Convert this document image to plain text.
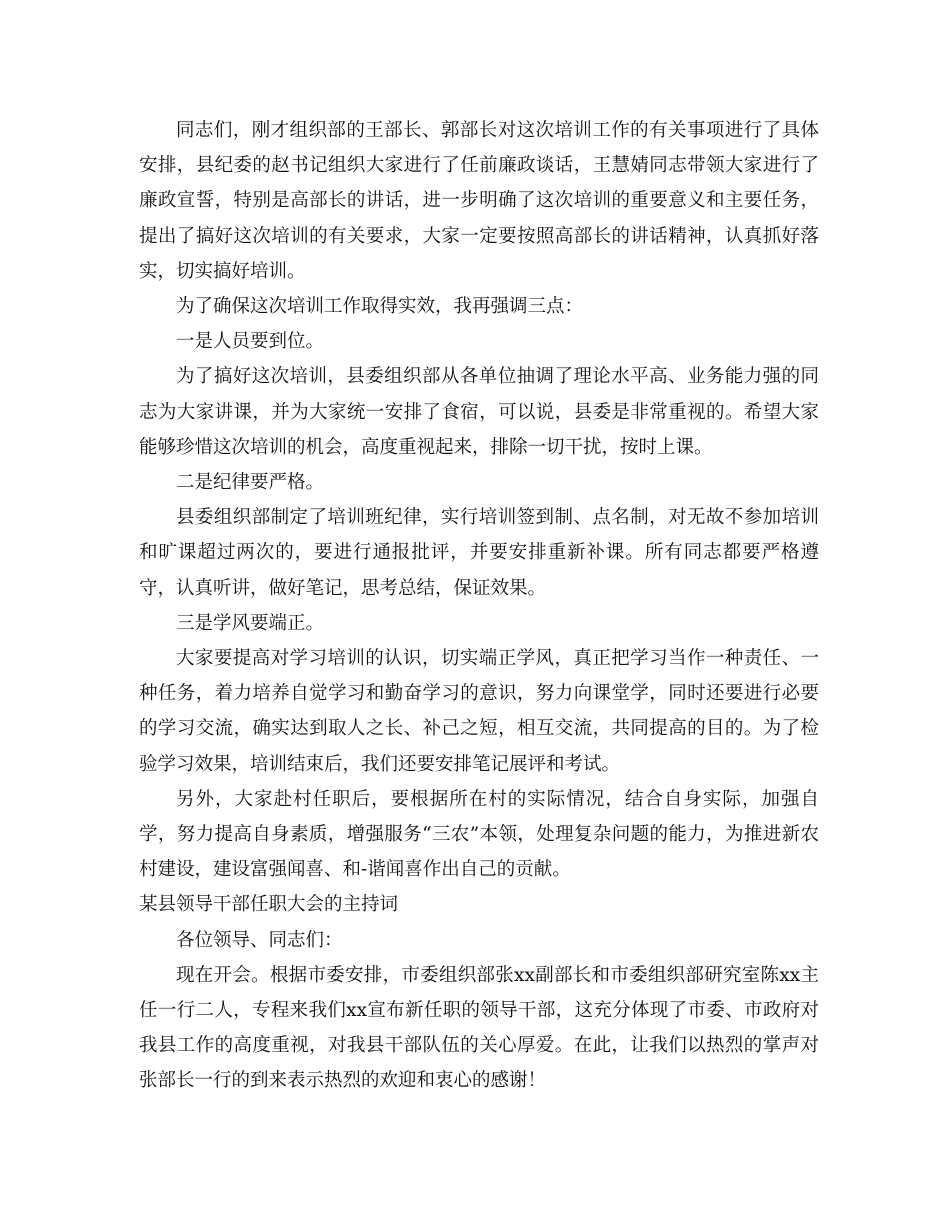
同志们，刚才组织部的王部长、郭部长对这次培训工作的有关事项进行了具体安排，县纪委的赵书记组织大家进行了任前廉政谈话，王慧婧同志带领大家进行了廉政宣誓，特别是高部长的讲话，进一步明确了这次培训的重要意义和主要任务，提出了搞好这次培训的有关要求，大家一定要按照高部长的讲话精神，认真抓好落实，切实搞好培训。

为了确保这次培训工作取得实效，我再强调三点：

一是人员要到位。

为了搞好这次培训，县委组织部从各单位抽调了理论水平高、业务能力强的同志为大家讲课，并为大家统一安排了食宿，可以说，县委是非常重视的。希望大家能够珍惜这次培训的机会，高度重视起来，排除一切干扰，按时上课。

二是纪律要严格。

县委组织部制定了培训班纪律，实行培训签到制、点名制，对无故不参加培训和旷课超过两次的，要进行通报批评，并要安排重新补课。所有同志都要严格遵守，认真听讲，做好笔记，思考总结，保证效果。

三是学风要端正。

大家要提高对学习培训的认识，切实端正学风，真正把学习当作一种责任、一种任务，着力培养自觉学习和勤奋学习的意识，努力向课堂学，同时还要进行必要的学习交流，确实达到取人之长、补己之短，相互交流，共同提高的目的。为了检验学习效果，培训结束后，我们还要安排笔记展评和考试。

另外，大家赴村任职后，要根据所在村的实际情况，结合自身实际，加强自学，努力提高自身素质，增强服务“三农”本领，处理复杂问题的能力，为推进新农村建设，建设富强闻喜、和-谐闻喜作出自己的贡献。

某县领导干部任职大会的主持词

各位领导、同志们：

现在开会。根据市委安排，市委组织部张xx副部长和市委组织部研究室陈xx主任一行二人，专程来我们xx宣布新任职的领导干部，这充分体现了市委、市政府对我县工作的高度重视，对我县干部队伍的关心厚爱。在此，让我们以热烈的掌声对张部长一行的到来表示热烈的欢迎和衷心的感谢！
